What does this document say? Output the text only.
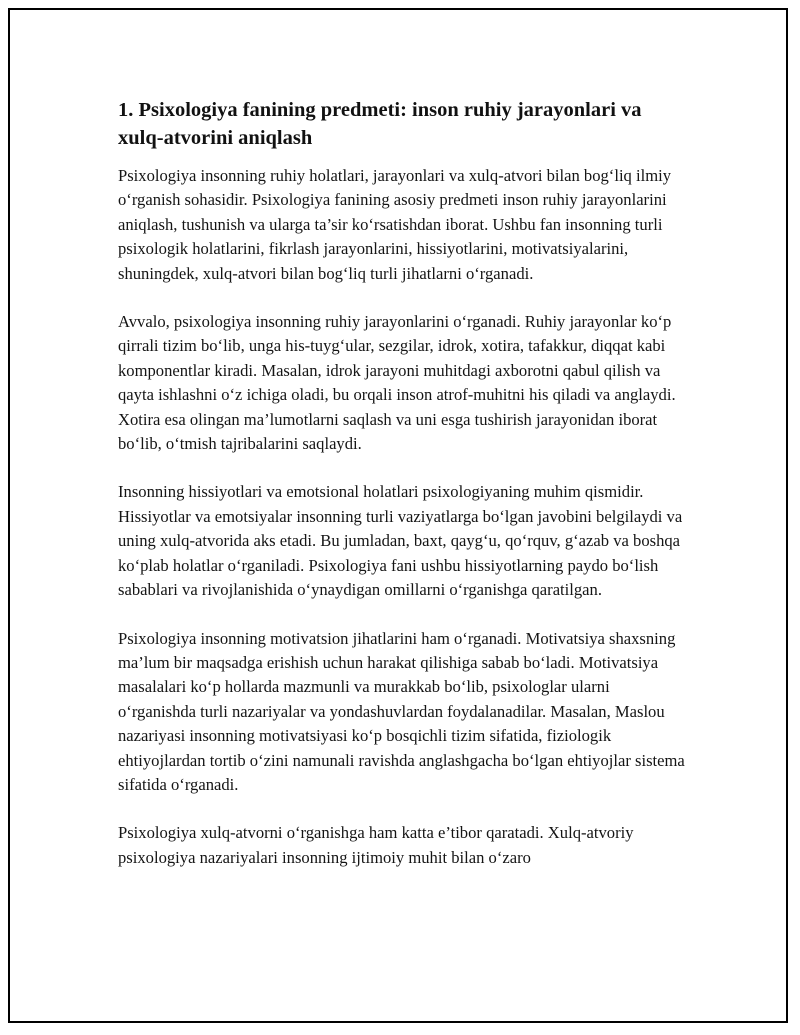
1. Psixologiya fanining predmeti: inson ruhiy jarayonlari va xulq-atvorini aniqlash

Psixologiya insonning ruhiy holatlari, jarayonlari va xulq-atvori bilan bog‘liq ilmiy o‘rganish sohasidir. Psixologiya fanining asosiy predmeti inson ruhiy jarayonlarini aniqlash, tushunish va ularga ta’sir ko‘rsatishdan iborat. Ushbu fan insonning turli psixologik holatlarini, fikrlash jarayonlarini, hissiyotlarini, motivatsiyalarini, shuningdek, xulq-atvori bilan bog‘liq turli jihatlarni o‘rganadi.

Avvalo, psixologiya insonning ruhiy jarayonlarini o‘rganadi. Ruhiy jarayonlar ko‘p qirrali tizim bo‘lib, unga his-tuyg‘ular, sezgilar, idrok, xotira, tafakkur, diqqat kabi komponentlar kiradi. Masalan, idrok jarayoni muhitdagi axborotni qabul qilish va qayta ishlashni o‘z ichiga oladi, bu orqali inson atrof-muhitni his qiladi va anglaydi. Xotira esa olingan ma’lumotlarni saqlash va uni esga tushirish jarayonidan iborat bo‘lib, o‘tmish tajribalarini saqlaydi.

Insonning hissiyotlari va emotsional holatlari psixologiyaning muhim qismidir. Hissiyotlar va emotsiyalar insonning turli vaziyatlarga bo‘lgan javobini belgilaydi va uning xulq-atvorida aks etadi. Bu jumladan, baxt, qayg‘u, qo‘rquv, g‘azab va boshqa ko‘plab holatlar o‘rganiladi. Psixologiya fani ushbu hissiyotlarning paydo bo‘lish sabablari va rivojlanishida o‘ynaydigan omillarni o‘rganishga qaratilgan.

Psixologiya insonning motivatsion jihatlarini ham o‘rganadi. Motivatsiya shaxsning ma’lum bir maqsadga erishish uchun harakat qilishiga sabab bo‘ladi. Motivatsiya masalalari ko‘p hollarda mazmunli va murakkab bo‘lib, psixologlar ularni o‘rganishda turli nazariyalar va yondashuvlardan foydalanadilar. Masalan, Maslou nazariyasi insonning motivatsiyasi ko‘p bosqichli tizim sifatida, fiziologik ehtiyojlardan tortib o‘zini namunali ravishda anglashgacha bo‘lgan ehtiyojlar sistema sifatida o‘rganadi.

Psixologiya xulq-atvorni o‘rganishga ham katta e’tibor qaratadi. Xulq-atvoriy psixologiya nazariyalari insonning ijtimoiy muhit bilan o‘zaro
